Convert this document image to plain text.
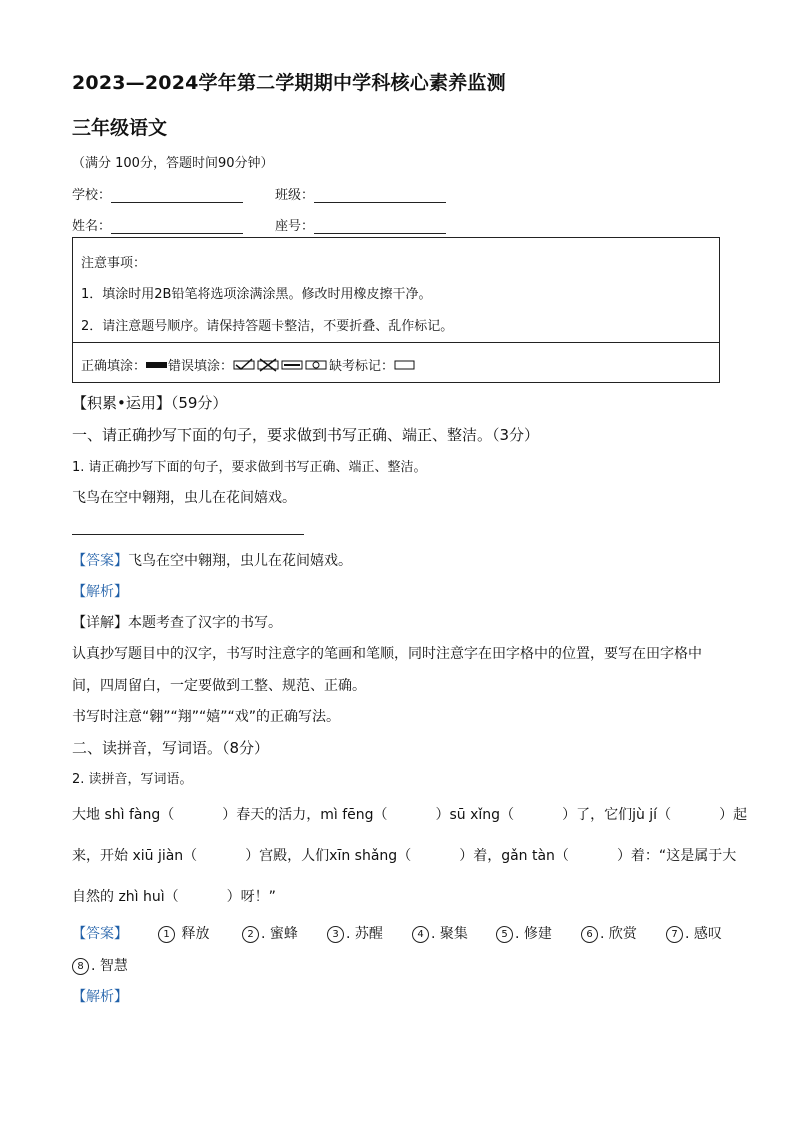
2023—2024学年第二学期期中学科核心素养监测
三年级语文
（满分 100分，答题时间90分钟）
学校：	班级：
姓名：	座号：
注意事项：
1．填涂时用2B铅笔将选项涂满涂黑。修改时用橡皮擦干净。
2．请注意题号顺序。请保持答题卡整洁，不要折叠、乱作标记。
正确填涂： 错误填涂：	缺考标记：
【积累•运用】（59分）
一、请正确抄写下面的句子，要求做到书写正确、端正、整洁。（3分）
1. 请正确抄写下面的句子，要求做到书写正确、端正、整洁。
飞鸟在空中翱翔，虫儿在花间嬉戏。
【答案】飞鸟在空中翱翔，虫儿在花间嬉戏。
【解析】
【详解】本题考查了汉字的书写。
认真抄写题目中的汉字，书写时注意字的笔画和笔顺，同时注意字在田字格中的位置，要写在田字格中
间，四周留白，一定要做到工整、规范、正确。
书写时注意“翱”“翔”“嬉”“戏”的正确写法。
二、读拼音，写词语。（8分）
2. 读拼音，写词语。
大地 shì fàng（	）春天的活力，mì fēng（	）sū xǐng（	）了，它们jù jí（	）起
来，开始 xiū jiàn（	）宫殿，人们xīn shǎng（	）着，gǎn tàn（	）着：“这是属于大
自然的 zhì huì（	）呀！”
【答案】	1 释放	2 . 蜜蜂	3 . 苏醒	4 . 聚集	5 . 修建	6 . 欣赏	7 . 感叹
8 . 智慧
【解析】
